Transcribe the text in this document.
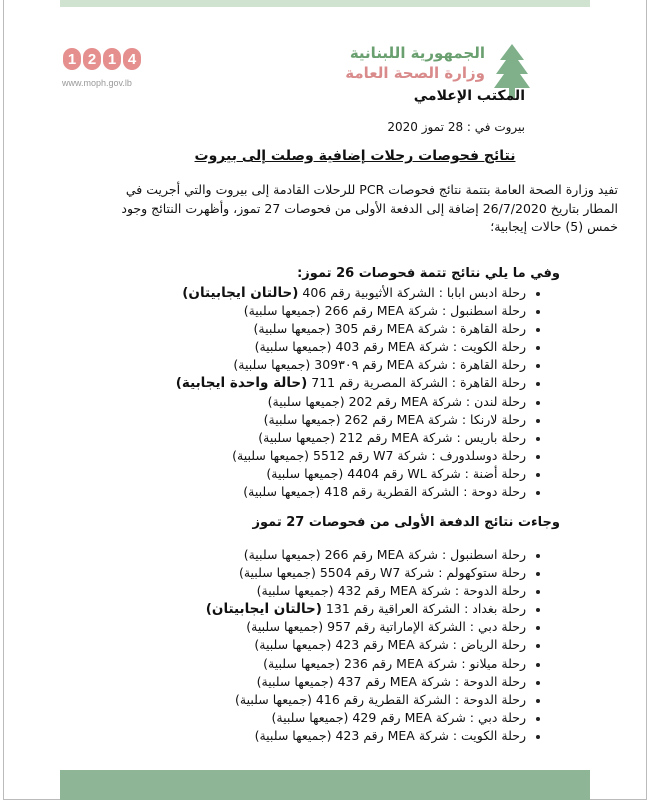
الجمهورية اللبنانية
وزارة الصحة العامة
المكتب الإعلامي
1 2 1 4
www.moph.gov.lb
بيروت في : 28 تموز 2020
نتائج فحوصات رحلات إضافية وصلت إلى بيروت

تفيد وزارة الصحة العامة بتتمة نتائج فحوصات PCR للرحلات القادمة إلى بيروت والتي أجريت في المطار بتاريخ 26/7/2020 إضافة إلى الدفعة الأولى من فحوصات 27 تموز، وأظهرت النتائج وجود خمس (5) حالات إيجابية؛

وفي ما يلي نتائج تتمة فحوصات 26 تموز:
رحلة ادبس ابابا : الشركة الأثيوبية رقم 406 (حالتان ايجابيتان)
رحلة اسطنبول : شركة MEA رقم 266 (جميعها سلبية)
رحلة القاهرة : شركة MEA رقم 305 (جميعها سلبية)
رحلة الكويت : شركة MEA رقم 403 (جميعها سلبية)
رحلة القاهرة : شركة MEA رقم 309٣٠٩ (جميعها سلبية)
رحلة القاهرة : الشركة المصرية رقم 711 (حالة واحدة ايجابية)
رحلة لندن : شركة MEA رقم 202 (جميعها سلبية)
رحلة لارنكا : شركة MEA رقم 262 (جميعها سلبية)
رحلة باريس : شركة MEA رقم 212 (جميعها سلبية)
رحلة دوسلدورف : شركة W7 رقم 5512 (جميعها سلبية)
رحلة أضنة : شركة WL رقم 4404 (جميعها سلبية)
رحلة دوحة : الشركة القطرية رقم 418 (جميعها سلبية)
وجاءت نتائج الدفعة الأولى من فحوصات 27 تموز
رحلة اسطنبول : شركة MEA رقم 266 (جميعها سلبية)
رحلة ستوكهولم : شركة W7 رقم 5504 (جميعها سلبية)
رحلة الدوحة : شركة MEA رقم 432 (جميعها سلبية)
رحلة بغداد : الشركة العراقية رقم 131 (حالتان ايجابيتان)
رحلة دبي : الشركة الإماراتية رقم 957 (جميعها سلبية)
رحلة الرياض : شركة MEA رقم 423 (جميعها سلبية)
رحلة ميلانو : شركة MEA رقم 236 (جميعها سلبية)
رحلة الدوحة : شركة MEA رقم 437 (جميعها سلبية)
رحلة الدوحة : الشركة القطرية رقم 416 (جميعها سلبية)
رحلة دبي : شركة MEA رقم 429 (جميعها سلبية)
رحلة الكويت : شركة MEA رقم 423 (جميعها سلبية)
